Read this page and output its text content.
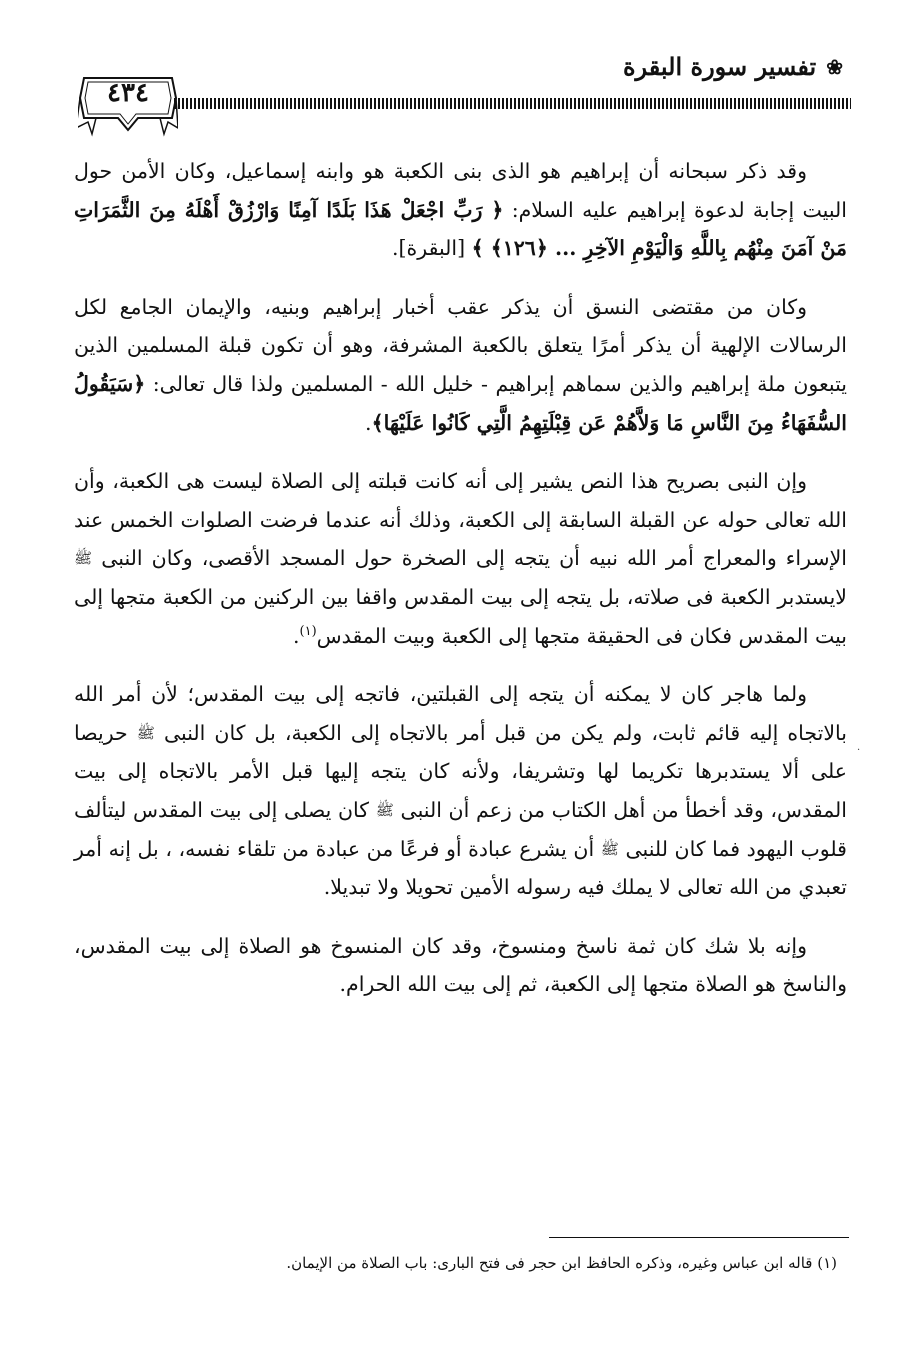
❀
تفسير سورة البقرة
٤٣٤

وقد ذكر سبحانه أن إبراهيم هو الذى بنى الكعبة هو وابنه إسماعيل، وكان الأمن حول البيت إجابة لدعوة إبراهيم عليه السلام: ﴿ رَبِّ اجْعَلْ هَذَا بَلَدًا آمِنًا وَارْزُقْ أَهْلَهُ مِنَ الثَّمَرَاتِ مَنْ آمَنَ مِنْهُم بِاللَّهِ وَالْيَوْمِ الآخِرِ ... ﴿١٢٦﴾ ﴾ [البقرة].

وكان من مقتضى النسق أن يذكر عقب أخبار إبراهيم وبنيه، والإيمان الجامع لكل الرسالات الإلهية أن يذكر أمرًا يتعلق بالكعبة المشرفة، وهو أن تكون قبلة المسلمين الذين يتبعون ملة إبراهيم والذين سماهم إبراهيم - خليل الله - المسلمين ولذا قال تعالى: ﴿سَيَقُولُ السُّفَهَاءُ مِنَ النَّاسِ مَا وَلاَّهُمْ عَن قِبْلَتِهِمُ الَّتِي كَانُوا عَلَيْهَا﴾.

وإن النبى بصريح هذا النص يشير إلى أنه كانت قبلته إلى الصلاة ليست هى الكعبة، وأن الله تعالى حوله عن القبلة السابقة إلى الكعبة، وذلك أنه عندما فرضت الصلوات الخمس عند الإسراء والمعراج أمر الله نبيه أن يتجه إلى الصخرة حول المسجد الأقصى، وكان النبى ﷺ لايستدبر الكعبة فى صلاته، بل يتجه إلى بيت المقدس واقفا بين الركنين من الكعبة متجها إلى بيت المقدس فكان فى الحقيقة متجها إلى الكعبة وبيت المقدس$^{(١)}$.

ولما هاجر كان لا يمكنه أن يتجه إلى القبلتين، فاتجه إلى بيت المقدس؛ لأن أمر الله بالاتجاه إليه قائم ثابت، ولم يكن من قبل أمر بالاتجاه إلى الكعبة، بل كان النبى ﷺ حريصا على ألا يستدبرها تكريما لها وتشريفا، ولأنه كان يتجه إليها قبل الأمر بالاتجاه إلى بيت المقدس، وقد أخطأ من أهل الكتاب من زعم أن النبى ﷺ كان يصلى إلى بيت المقدس ليتألف قلوب اليهود فما كان للنبى ﷺ أن يشرع عبادة أو فرعًا من عبادة من تلقاء نفسه، ، بل إنه أمر تعبدي من الله تعالى لا يملك فيه رسوله الأمين تحويلا ولا تبديلا.

وإنه بلا شك كان ثمة ناسخ ومنسوخ، وقد كان المنسوخ هو الصلاة إلى بيت المقدس، والناسخ هو الصلاة متجها إلى الكعبة، ثم إلى بيت الله الحرام.

·
(١) قاله ابن عباس وغيره، وذكره الحافظ ابن حجر فى فتح البارى: باب الصلاة من الإيمان.
